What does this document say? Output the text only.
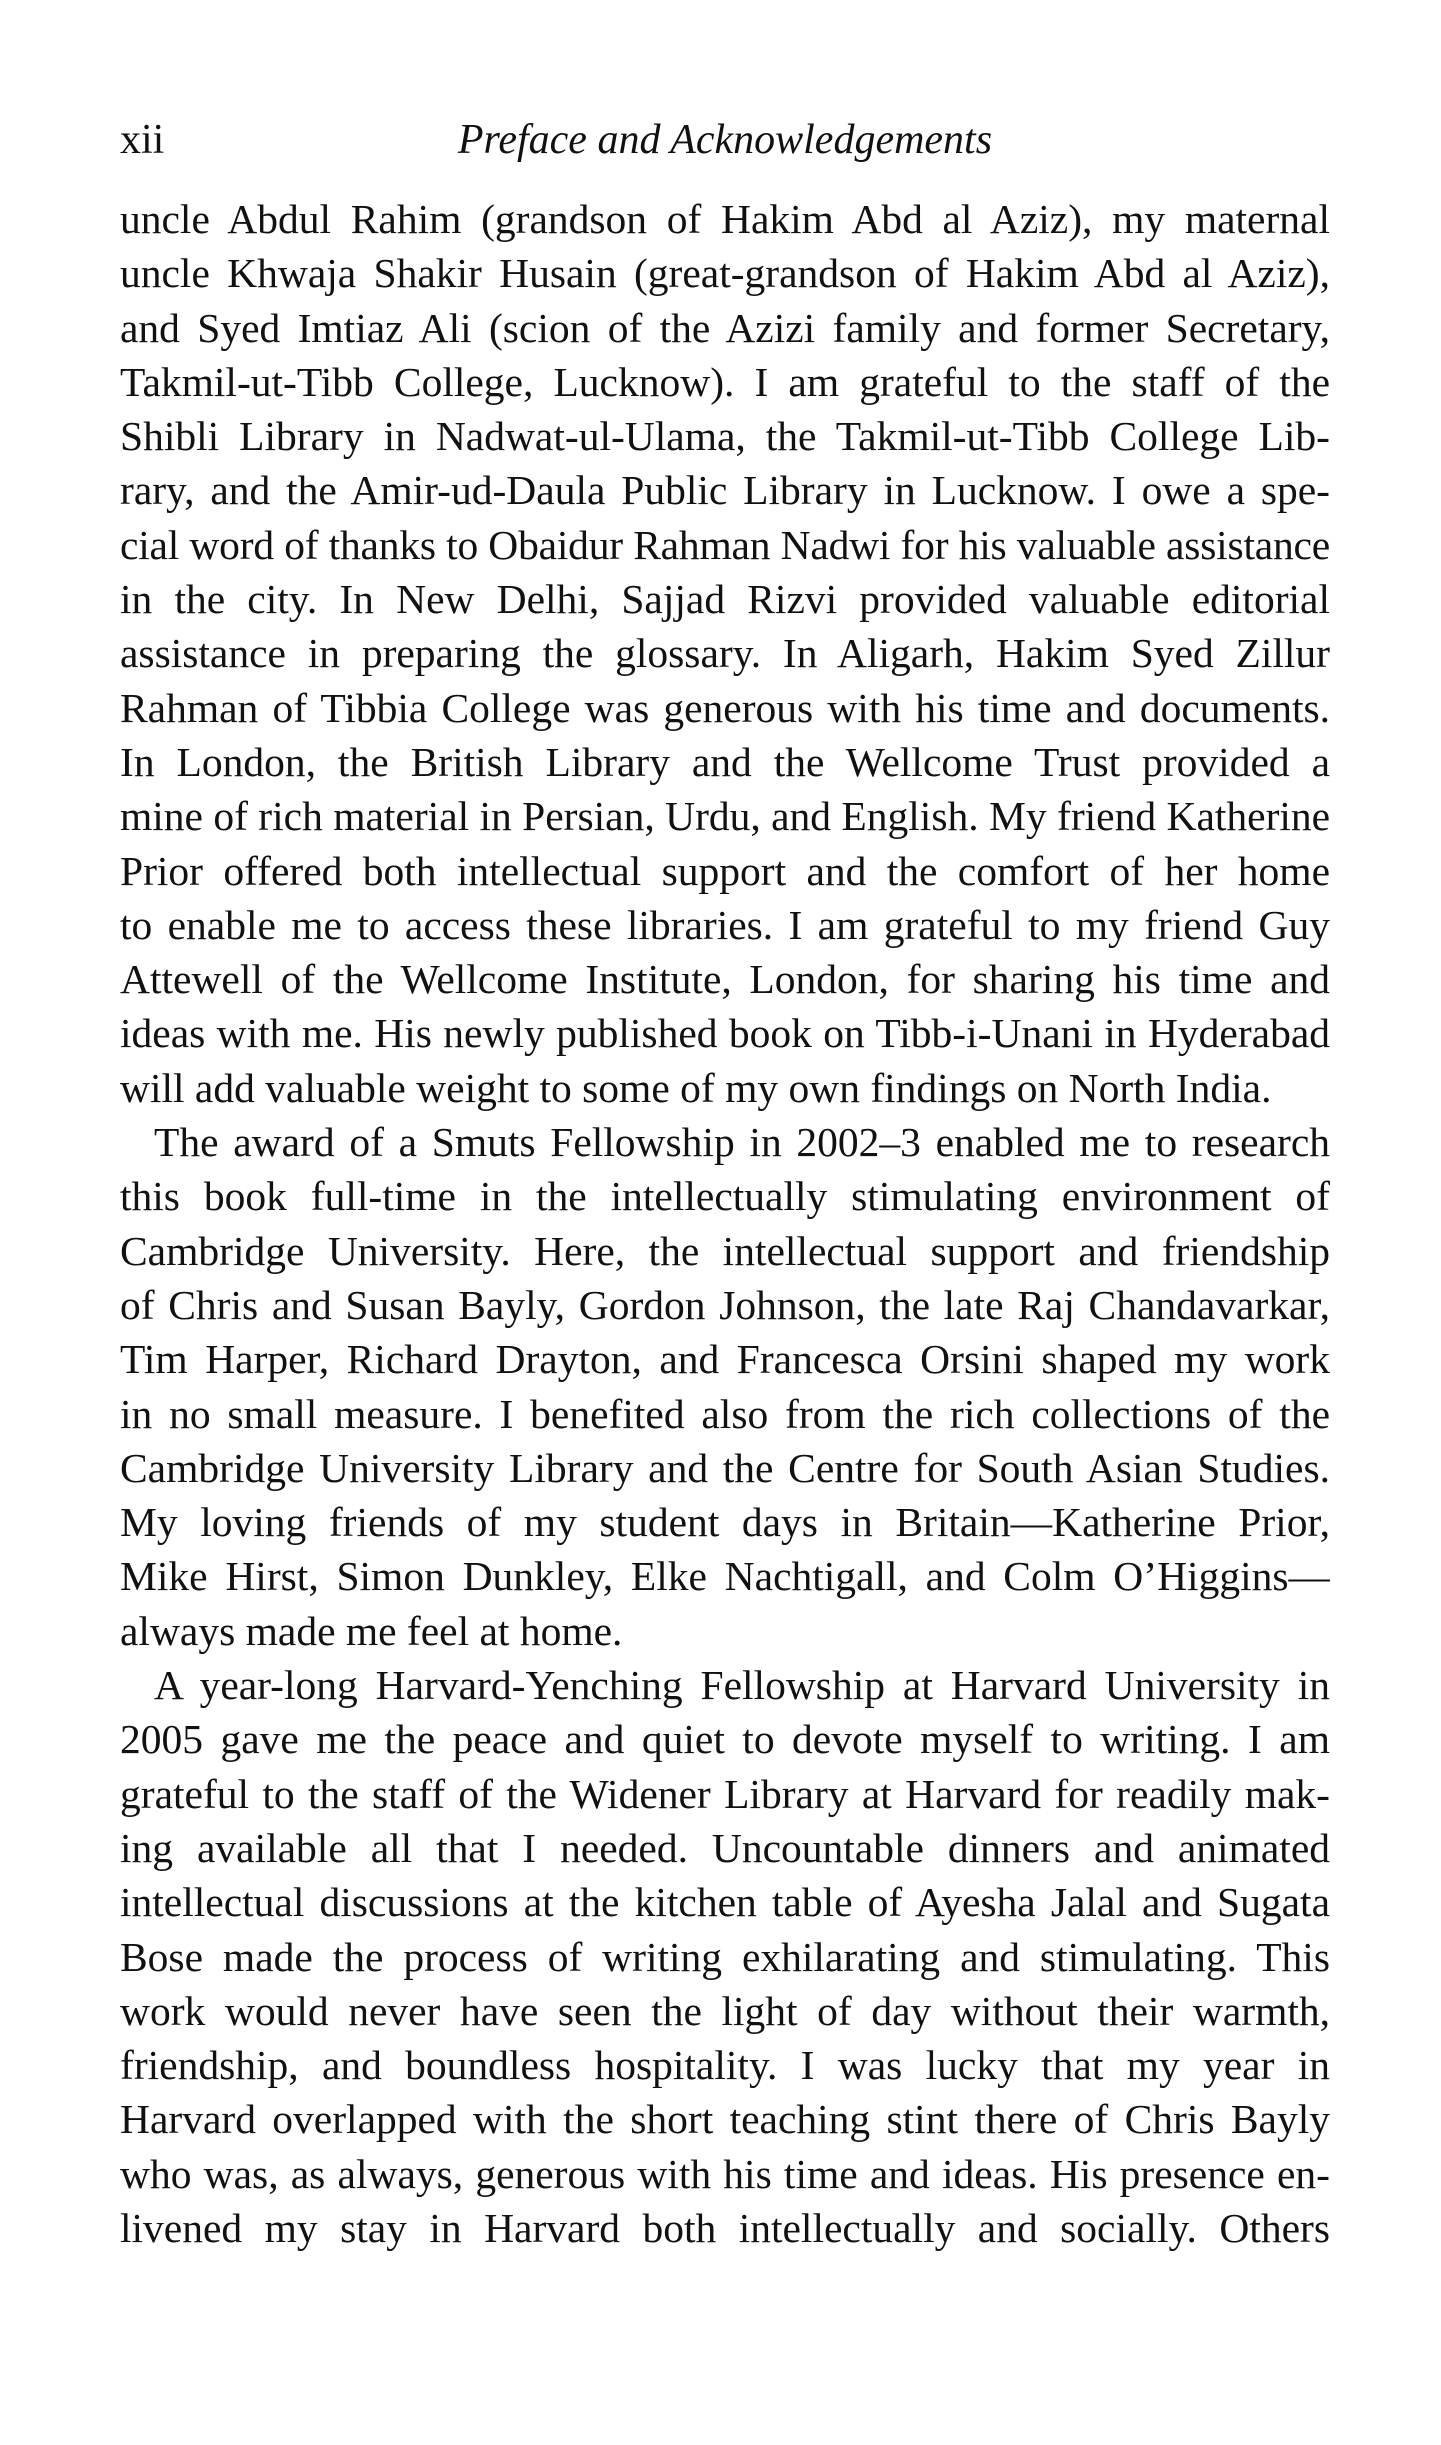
xii	Preface and Acknowledgements
uncle Abdul Rahim (grandson of Hakim Abd al Aziz), my maternal
uncle Khwaja Shakir Husain (great-grandson of Hakim Abd al Aziz),
and Syed Imtiaz Ali (scion of the Azizi family and former Secretary,
Takmil-ut-Tibb College, Lucknow). I am grateful to the staff of the
Shibli Library in Nadwat-ul-Ulama, the Takmil-ut-Tibb College Lib-
rary, and the Amir-ud-Daula Public Library in Lucknow. I owe a spe-
cial word of thanks to Obaidur Rahman Nadwi for his valuable assistance
in the city. In New Delhi, Sajjad Rizvi provided valuable editorial
assistance in preparing the glossary. In Aligarh, Hakim Syed Zillur
Rahman of Tibbia College was generous with his time and documents.
In London, the British Library and the Wellcome Trust provided a
mine of rich material in Persian, Urdu, and English. My friend Katherine
Prior offered both intellectual support and the comfort of her home
to enable me to access these libraries. I am grateful to my friend Guy
Attewell of the Wellcome Institute, London, for sharing his time and
ideas with me. His newly published book on Tibb-i-Unani in Hyderabad
will add valuable weight to some of my own findings on North India.
The award of a Smuts Fellowship in 2002–3 enabled me to research
this book full-time in the intellectually stimulating environment of
Cambridge University. Here, the intellectual support and friendship
of Chris and Susan Bayly, Gordon Johnson, the late Raj Chandavarkar,
Tim Harper, Richard Drayton, and Francesca Orsini shaped my work
in no small measure. I benefited also from the rich collections of the
Cambridge University Library and the Centre for South Asian Studies.
My loving friends of my student days in Britain—Katherine Prior,
Mike Hirst, Simon Dunkley, Elke Nachtigall, and Colm O’Higgins—
always made me feel at home.
A year-long Harvard-Yenching Fellowship at Harvard University in
2005 gave me the peace and quiet to devote myself to writing. I am
grateful to the staff of the Widener Library at Harvard for readily mak-
ing available all that I needed. Uncountable dinners and animated
intellectual discussions at the kitchen table of Ayesha Jalal and Sugata
Bose made the process of writing exhilarating and stimulating. This
work would never have seen the light of day without their warmth,
friendship, and boundless hospitality. I was lucky that my year in
Harvard overlapped with the short teaching stint there of Chris Bayly
who was, as always, generous with his time and ideas. His presence en-
livened my stay in Harvard both intellectually and socially. Others
